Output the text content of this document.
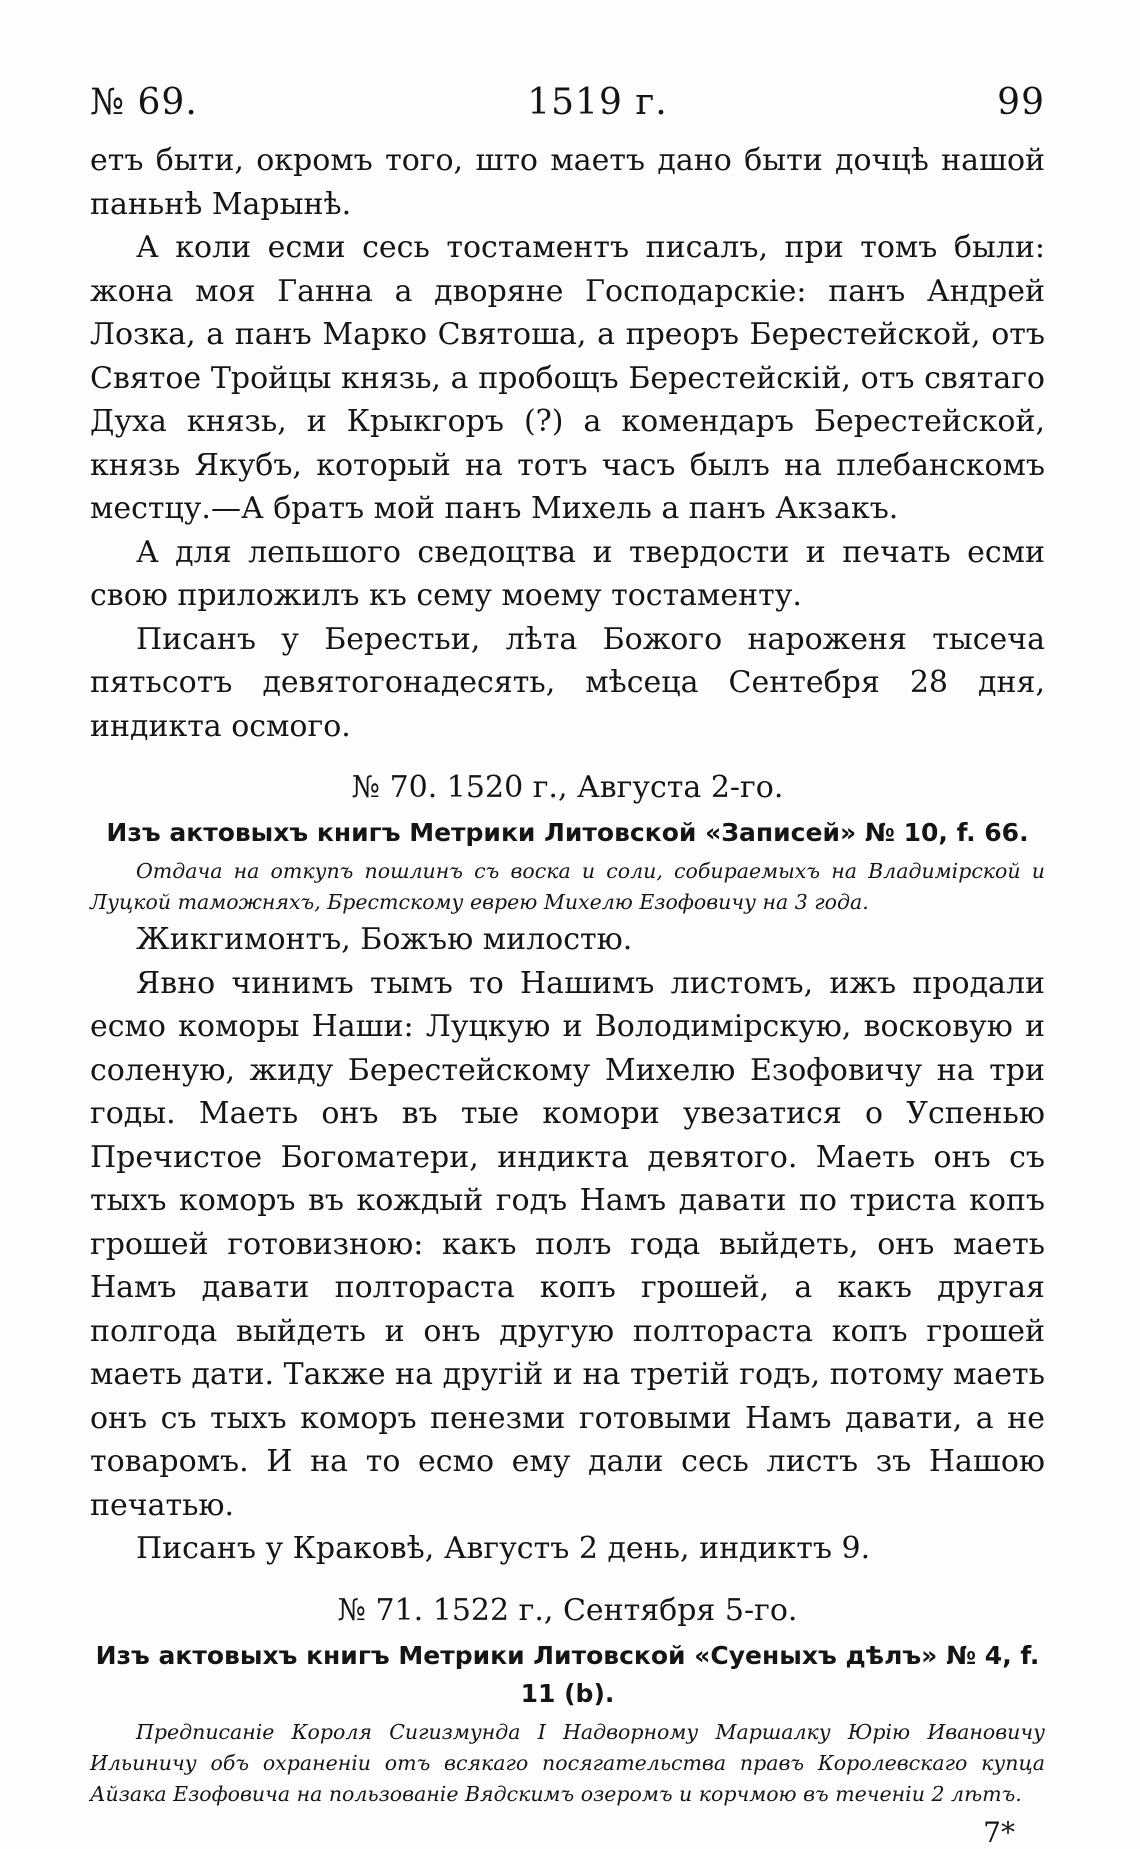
№ 69.	1519 г.	99

етъ быти, окромъ того, што маетъ дано быти дочцѣ нашой паньнѣ Марынѣ.

А коли есми сесь тостаментъ писалъ, при томъ были: жона моя Ганна а дворяне Господарскіе: панъ Андрей Лозка, а панъ Марко Святоша, а преоръ Берестейской, отъ Святое Тройцы князь, а пробощъ Берестейскій, отъ святаго Духа князь, и Крыкгоръ (?) а комендаръ Берестейской, князь Якубъ, который на тотъ часъ былъ на плебанскомъ местцу.—А братъ мой панъ Михель а панъ Акзакъ.

А для лепьшого сведоцтва и твердости и печать есми свою приложилъ къ сему моему тостаменту.

Писанъ у Берестьи, лѣта Божого нароженя тысеча пятьсотъ девятогонадесять, мѣсеца Сентебря 28 дня, индикта осмого.

№ 70. 1520 г., Августа 2-го.
Изъ актовыхъ книгъ Метрики Литовской «Записей» № 10, f. 66.
Отдача на откупъ пошлинъ съ воска и соли, собираемыхъ на Владимірской и Луцкой таможняхъ, Брестскому еврею Михелю Езофовичу на 3 года.

Жикгимонтъ, Божъю милостю.

Явно чинимъ тымъ то Нашимъ листомъ, ижъ продали есмо коморы Наши: Луцкую и Володимірскую, восковую и соленую, жиду Берестейскому Михелю Езофовичу на три годы. Маеть онъ въ тые комори увезатися о Успенью Пречистое Богоматери, индикта девятого. Маеть онъ съ тыхъ коморъ въ кождый годъ Намъ давати по триста копъ грошей готовизною: какъ полъ года выйдеть, онъ маеть Намъ давати полтораста копъ грошей, а какъ другая полгода выйдеть и онъ другую полтораста копъ грошей маеть дати. Также на другій и на третій годъ, потому маеть онъ съ тыхъ коморъ пенезми готовыми Намъ давати, а не товаромъ. И на то есмо ему дали сесь листъ зъ Нашою печатью.

Писанъ у Краковѣ, Августъ 2 день, индиктъ 9.

№ 71. 1522 г., Сентября 5-го.
Изъ актовыхъ книгъ Метрики Литовской «Суеныхъ дѣлъ» № 4, f. 11 (b).
Предписаніе Короля Сигизмунда I Надворному Маршалку Юрію Ивановичу Ильиничу объ охраненіи отъ всякаго посягательства правъ Королевскаго купца Айзака Езофовича на пользованіе Вядскимъ озеромъ и корчмою въ теченіи 2 лѣтъ.
7*
